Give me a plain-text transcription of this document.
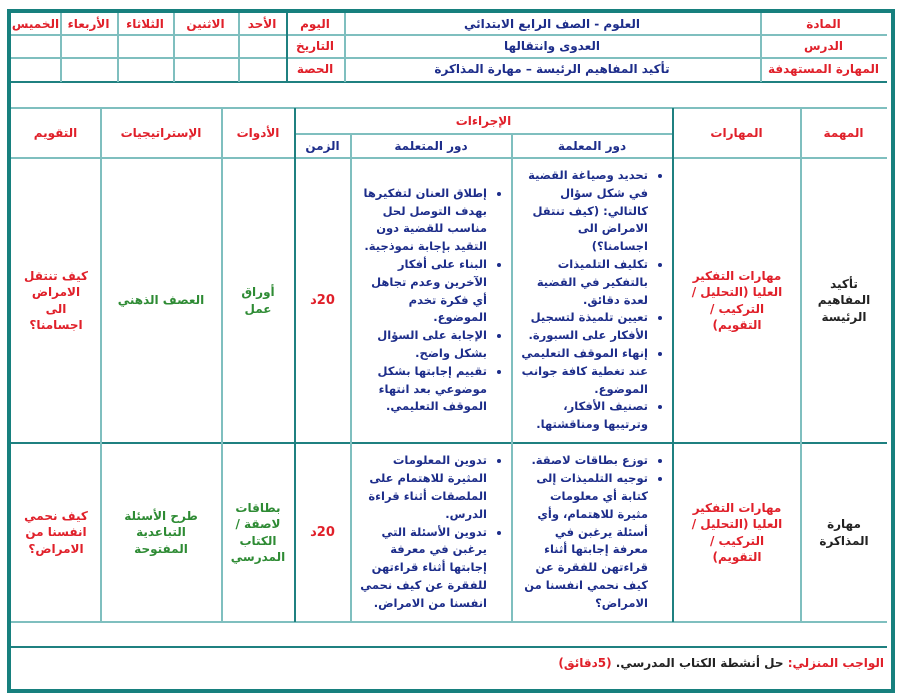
اليوم
التاريخ
الحصة
الأحد
الاثنين
الثلاثاء
الأربعاء
الخميس	المادة
العلوم - الصف الرابع الابتدائي
الدرس
العدوى وانتقالها
المهارة المستهدفة
تأكيد المفاهيم الرئيسة – مهارة المذاكرة
المهمة
المهارات
الإجراءات
دور المعلمة
دور المتعلمة
الزمن
الأدوات
الإستراتيجيات
التقويم
تأكيد المفاهيم الرئيسة
مهارات التفكير العليا (التحليل / التركيب / التقويم)
• تحديد وصياغة القضية في شكل سؤال كالتالي: (كيف تنتقل الامراض الى اجسامنا؟)
• تكليف التلميذات بالتفكير في القضية لعدة دقائق.
• تعيين تلميذة لتسجيل الأفكار على السبورة.
• إنهاء الموقف التعليمي عند تغطية كافة جوانب الموضوع.
• تصنيف الأفكار، وترتيبها ومناقشتها.
• إطلاق العنان لتفكيرها بهدف التوصل لحل مناسب للقضية دون التقيد بإجابة نموذجية.
• البناء على أفكار الآخرين وعدم تجاهل أي فكرة تخدم الموضوع.
• الإجابة على السؤال بشكل واضح.
• تقييم إجابتها بشكل موضوعي بعد انتهاء الموقف التعليمي.
20د
أوراق عمل
العصف الذهني
كيف تنتقل الامراض الى اجسامنا؟
مهارة المذاكرة
مهارات التفكير العليا (التحليل / التركيب / التقويم)
• توزع بطاقات لاصقة.
• توجيه التلميذات إلى كتابة أي معلومات مثيرة للاهتمام، وأي أسئلة يرغبن في معرفة إجابتها أثناء قراءتهن للفقرة عن كيف نحمي انفسنا من الامراض؟
• تدوين المعلومات المثيرة للاهتمام على الملصقات أثناء قراءة الدرس.
• تدوين الأسئلة التي يرغبن في معرفة إجابتها أثناء قراءتهن للفقرة عن كيف نحمي انفسنا من الامراض.
20د
بطاقات لاصقة / الكتاب المدرسي
طرح الأسئلة التباعدية المفتوحة
كيف نحمي انفسنا من الامراض؟
الواجب المنزلي: حل أنشطة الكتاب المدرسي. (5دقائق)
